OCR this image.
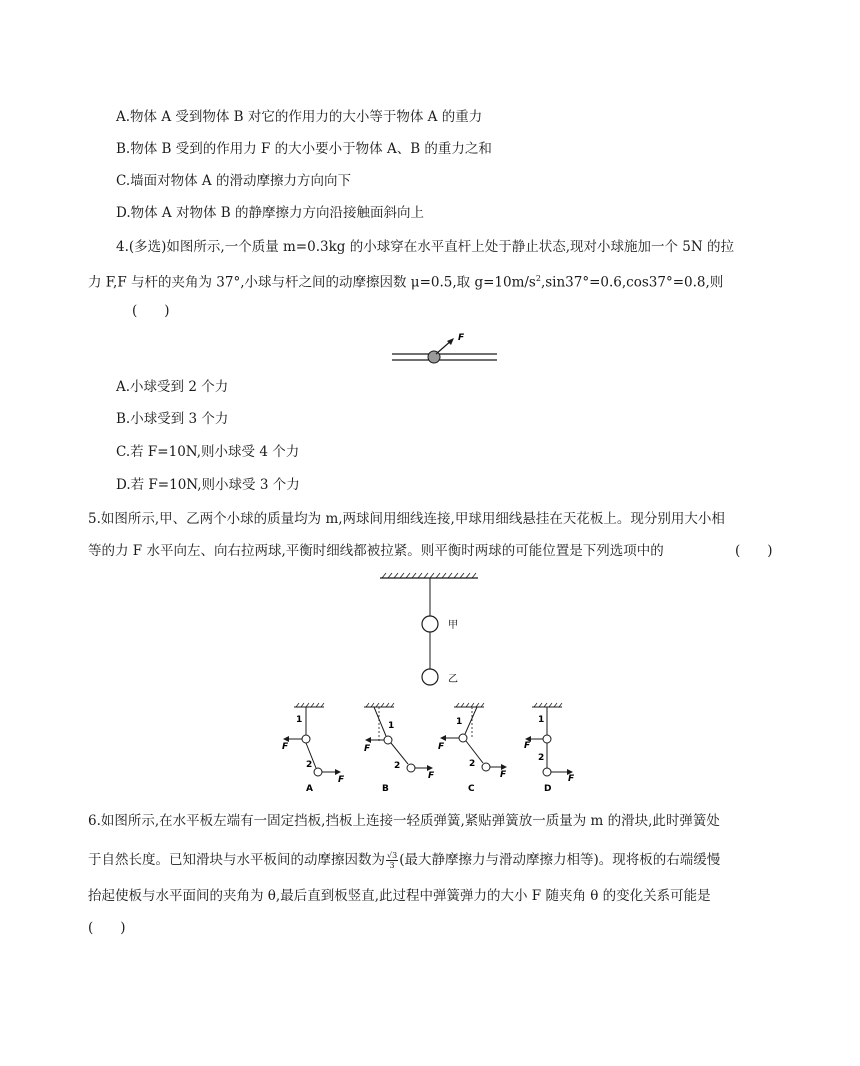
A.物体 A 受到物体 B 对它的作用力的大小等于物体 A 的重力
B.物体 B 受到的作用力 F 的大小要小于物体 A、B 的重力之和
C.墙面对物体 A 的滑动摩擦力方向向下
D.物体 A 对物体 B 的静摩擦力方向沿接触面斜向上
4.(多选)如图所示,一个质量 m=0.3kg 的小球穿在水平直杆上处于静止状态,现对小球施加一个 5N 的拉
力 F,F 与杆的夹角为 37°,小球与杆之间的动摩擦因数 μ=0.5,取 $g=10m/s^2,\sin 37^\circ=0.6,\cos 37^\circ=0.8$,则
(　　)
F
A.小球受到 2 个力
B.小球受到 3 个力
C.若 F=10N,则小球受 4 个力
D.若 F=10N,则小球受 3 个力
5.如图所示,甲、乙两个小球的质量均为 m,两球间用细线连接,甲球用细线悬挂在天花板上。现分别用大小相
等的力 F 水平向左、向右拉两球,平衡时细线都被拉紧。则平衡时两球的可能位置是下列选项中的	(　　)
甲
乙
1
2
F
F
A
1
2
F
F
B
1
2
F
F
C
1
2
F
F
D
6.如图所示,在水平板左端有一固定挡板,挡板上连接一轻质弹簧,紧贴弹簧放一质量为 m 的滑块,此时弹簧处
于自然长度。已知滑块与水平板间的动摩擦因数为 $\frac{√3}{3}$ (最大静摩擦力与滑动摩擦力相等)。现将板的右端缓慢
抬起使板与水平面间的夹角为 θ,最后直到板竖直,此过程中弹簧弹力的大小 F 随夹角 θ 的变化关系可能是
(　　)
